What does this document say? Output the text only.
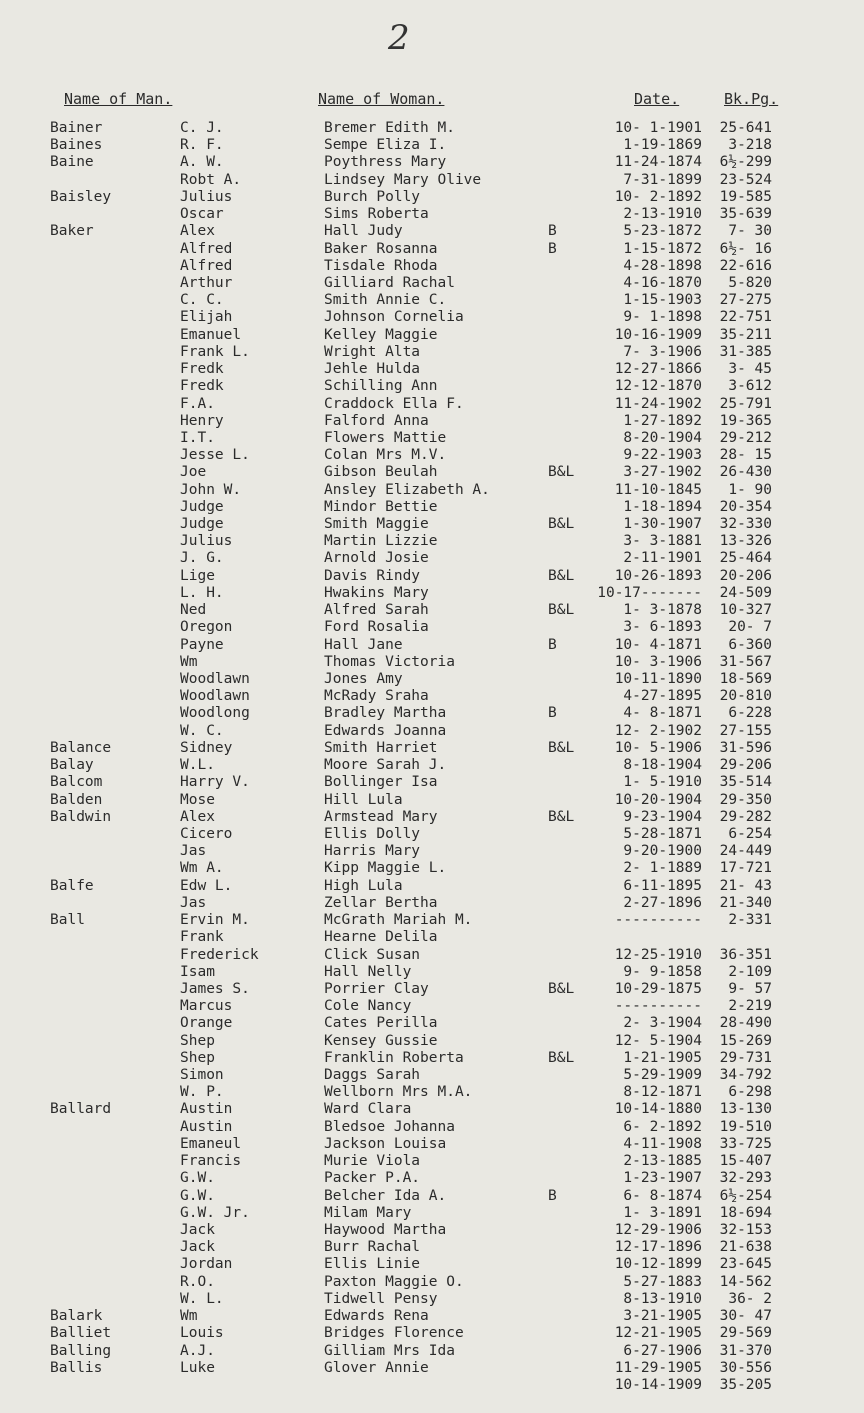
2
Name of Man.	Name of Woman.	Date.	Bk.Pg.
Bainer	C. J.	Bremer Edith M.	10- 1-1901	25-641
Baines	R. F.	Sempe Eliza I.	1-19-1869	3-218
Baine	A. W.	Poythress Mary	11-24-1874	6½-299
Robt A.	Lindsey Mary Olive	7-31-1899	23-524
Baisley	Julius	Burch Polly	10- 2-1892	19-585
Oscar	Sims Roberta	2-13-1910	35-639
Baker	Alex	Hall Judy	B	5-23-1872	7- 30
Alfred	Baker Rosanna	B	1-15-1872	6½- 16
Alfred	Tisdale Rhoda	4-28-1898	22-616
Arthur	Gilliard Rachal	4-16-1870	5-820
C. C.	Smith Annie C.	1-15-1903	27-275
Elijah	Johnson Cornelia	9- 1-1898	22-751
Emanuel	Kelley Maggie	10-16-1909	35-211
Frank L.	Wright Alta	7- 3-1906	31-385
Fredk	Jehle Hulda	12-27-1866	3- 45
Fredk	Schilling Ann	12-12-1870	3-612
F.A.	Craddock Ella F.	11-24-1902	25-791
Henry	Falford Anna	1-27-1892	19-365
I.T.	Flowers Mattie	8-20-1904	29-212
Jesse L.	Colan Mrs M.V.	9-22-1903	28- 15
Joe	Gibson Beulah	B&L	3-27-1902	26-430
John W.	Ansley Elizabeth A.	11-10-1845	1- 90
Judge	Mindor Bettie	1-18-1894	20-354
Judge	Smith Maggie	B&L	1-30-1907	32-330
Julius	Martin Lizzie	3- 3-1881	13-326
J. G.	Arnold Josie	2-11-1901	25-464
Lige	Davis Rindy	B&L	10-26-1893	20-206
L. H.	Hwakins Mary	10-17-------	24-509
Ned	Alfred Sarah	B&L	1- 3-1878	10-327
Oregon	Ford Rosalia	3- 6-1893	20- 7
Payne	Hall Jane	B	10- 4-1871	6-360
Wm	Thomas Victoria	10- 3-1906	31-567
Woodlawn	Jones Amy	10-11-1890	18-569
Woodlawn	McRady Sraha	4-27-1895	20-810
Woodlong	Bradley Martha	B	4- 8-1871	6-228
W. C.	Edwards Joanna	12- 2-1902	27-155
Balance	Sidney	Smith Harriet	B&L	10- 5-1906	31-596
Balay	W.L.	Moore Sarah J.	8-18-1904	29-206
Balcom	Harry V.	Bollinger Isa	1- 5-1910	35-514
Balden	Mose	Hill Lula	10-20-1904	29-350
Baldwin	Alex	Armstead Mary	B&L	9-23-1904	29-282
Cicero	Ellis Dolly	5-28-1871	6-254
Jas	Harris Mary	9-20-1900	24-449
Wm A.	Kipp Maggie L.	2- 1-1889	17-721
Balfe	Edw L.	High Lula	6-11-1895	21- 43
Jas	Zellar Bertha	2-27-1896	21-340
Ball	Ervin M.	McGrath Mariah M.	----------	2-331
Frank	Hearne Delila
Frederick	Click Susan	12-25-1910	36-351
Isam	Hall Nelly	9- 9-1858	2-109
James S.	Porrier Clay	B&L	10-29-1875	9- 57
Marcus	Cole Nancy	----------	2-219
Orange	Cates Perilla	2- 3-1904	28-490
Shep	Kensey Gussie	12- 5-1904	15-269
Shep	Franklin Roberta	B&L	1-21-1905	29-731
Simon	Daggs Sarah	5-29-1909	34-792
W. P.	Wellborn Mrs M.A.	8-12-1871	6-298
Ballard	Austin	Ward Clara	10-14-1880	13-130
Austin	Bledsoe Johanna	6- 2-1892	19-510
Emaneul	Jackson Louisa	4-11-1908	33-725
Francis	Murie Viola	2-13-1885	15-407
G.W.	Packer P.A.	1-23-1907	32-293
G.W.	Belcher Ida A.	B	6- 8-1874	6½-254
G.W. Jr.	Milam Mary	1- 3-1891	18-694
Jack	Haywood Martha	12-29-1906	32-153
Jack	Burr Rachal	12-17-1896	21-638
Jordan	Ellis Linie	10-12-1899	23-645
R.O.	Paxton Maggie O.	5-27-1883	14-562
W. L.	Tidwell Pensy	8-13-1910	36- 2
Balark	Wm	Edwards Rena	3-21-1905	30- 47
Balliet	Louis	Bridges Florence	12-21-1905	29-569
Balling	A.J.	Gilliam Mrs Ida	6-27-1906	31-370
Ballis	Luke	Glover Annie	11-29-1905	30-556
10-14-1909	35-205
